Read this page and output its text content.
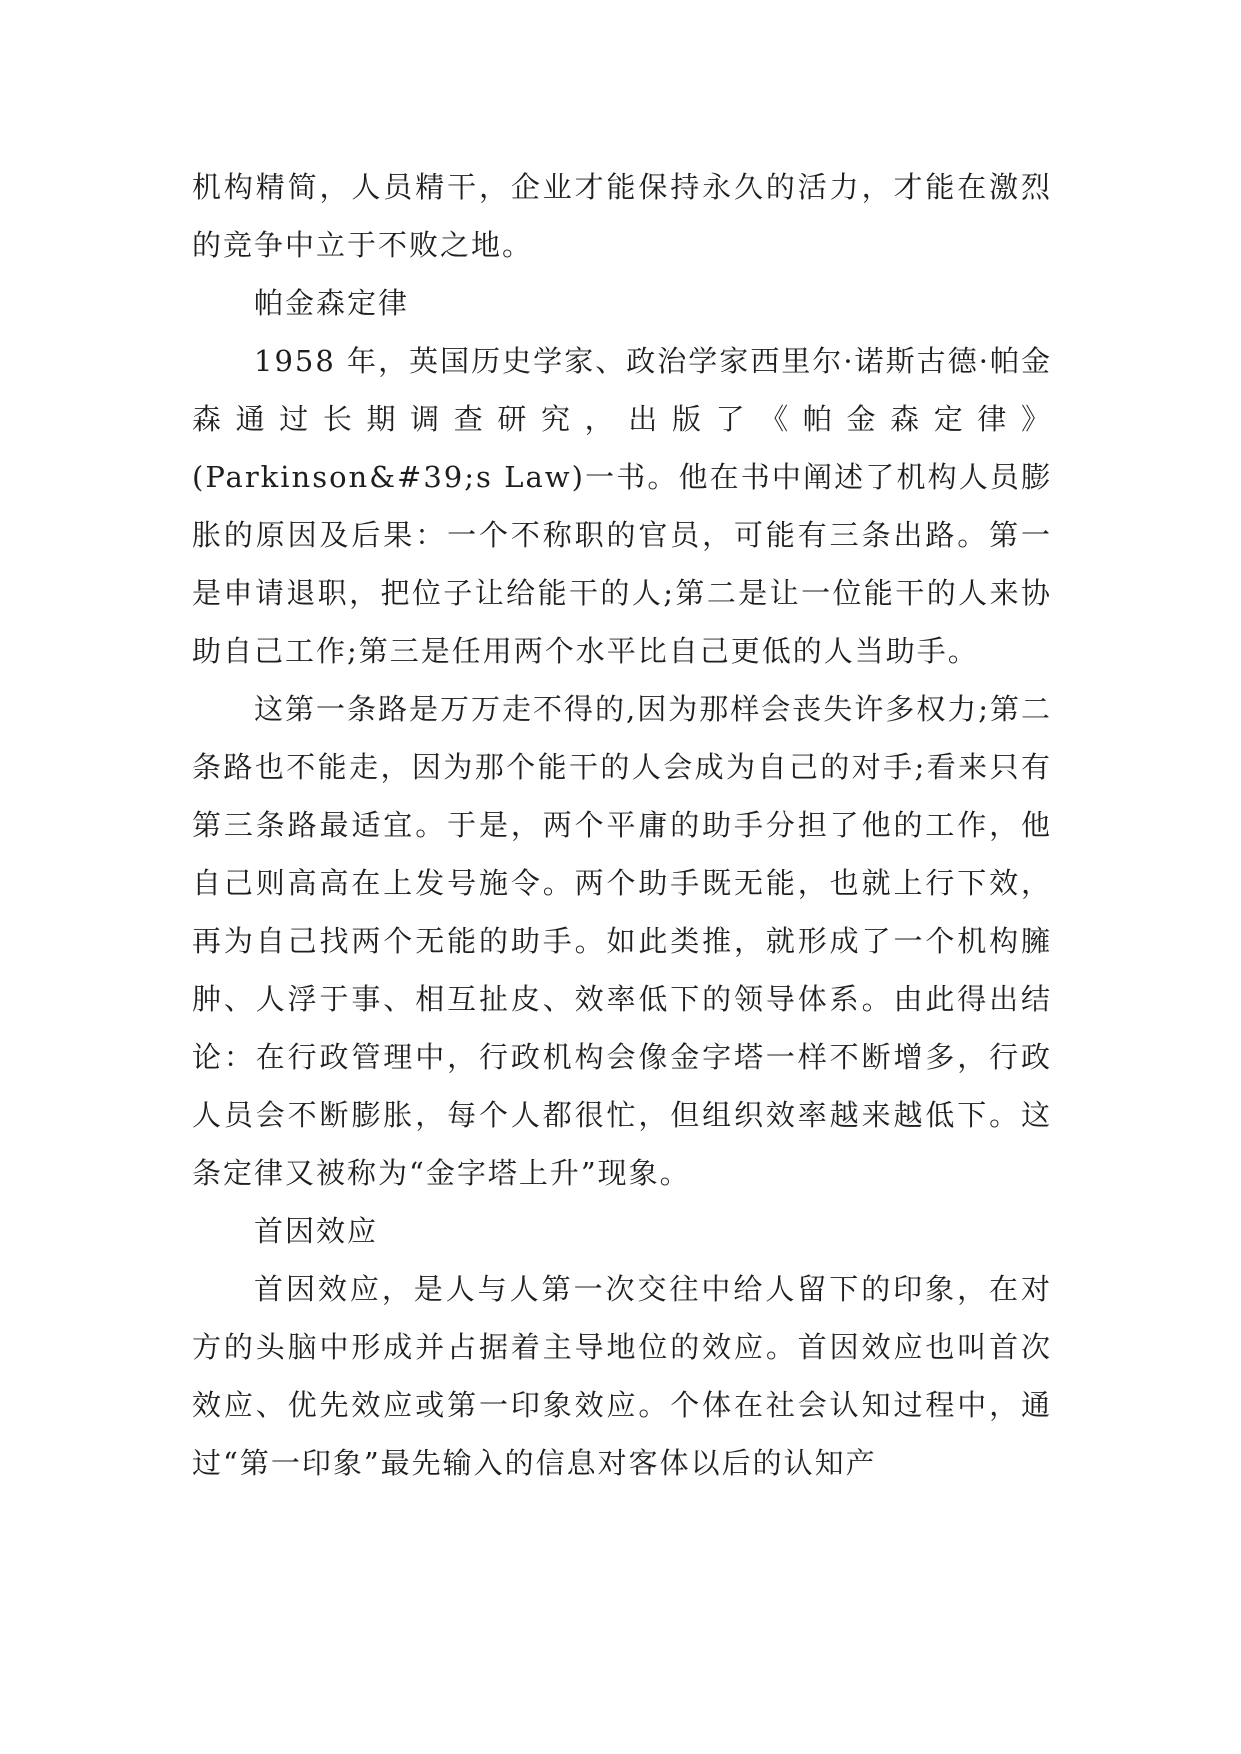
机构精简，人员精干，企业才能保持永久的活力，才能在激烈的竞争中立于不败之地。

帕金森定律

1958 年，英国历史学家、政治学家西里尔·诺斯古德·帕金森通过长期调查研究，出版了《帕金森定律》(Parkinson&#39;s Law)一书。他在书中阐述了机构人员膨胀的原因及后果：一个不称职的官员，可能有三条出路。第一是申请退职，把位子让给能干的人;第二是让一位能干的人来协助自己工作;第三是任用两个水平比自己更低的人当助手。

这第一条路是万万走不得的,因为那样会丧失许多权力;第二条路也不能走，因为那个能干的人会成为自己的对手;看来只有第三条路最适宜。于是，两个平庸的助手分担了他的工作，他自己则高高在上发号施令。两个助手既无能，也就上行下效，再为自己找两个无能的助手。如此类推，就形成了一个机构臃肿、人浮于事、相互扯皮、效率低下的领导体系。由此得出结论：在行政管理中，行政机构会像金字塔一样不断增多，行政人员会不断膨胀，每个人都很忙，但组织效率越来越低下。这条定律又被称为“金字塔上升”现象。

首因效应

首因效应，是人与人第一次交往中给人留下的印象，在对方的头脑中形成并占据着主导地位的效应。首因效应也叫首次效应、优先效应或第一印象效应。个体在社会认知过程中，通过“第一印象”最先输入的信息对客体以后的认知产
